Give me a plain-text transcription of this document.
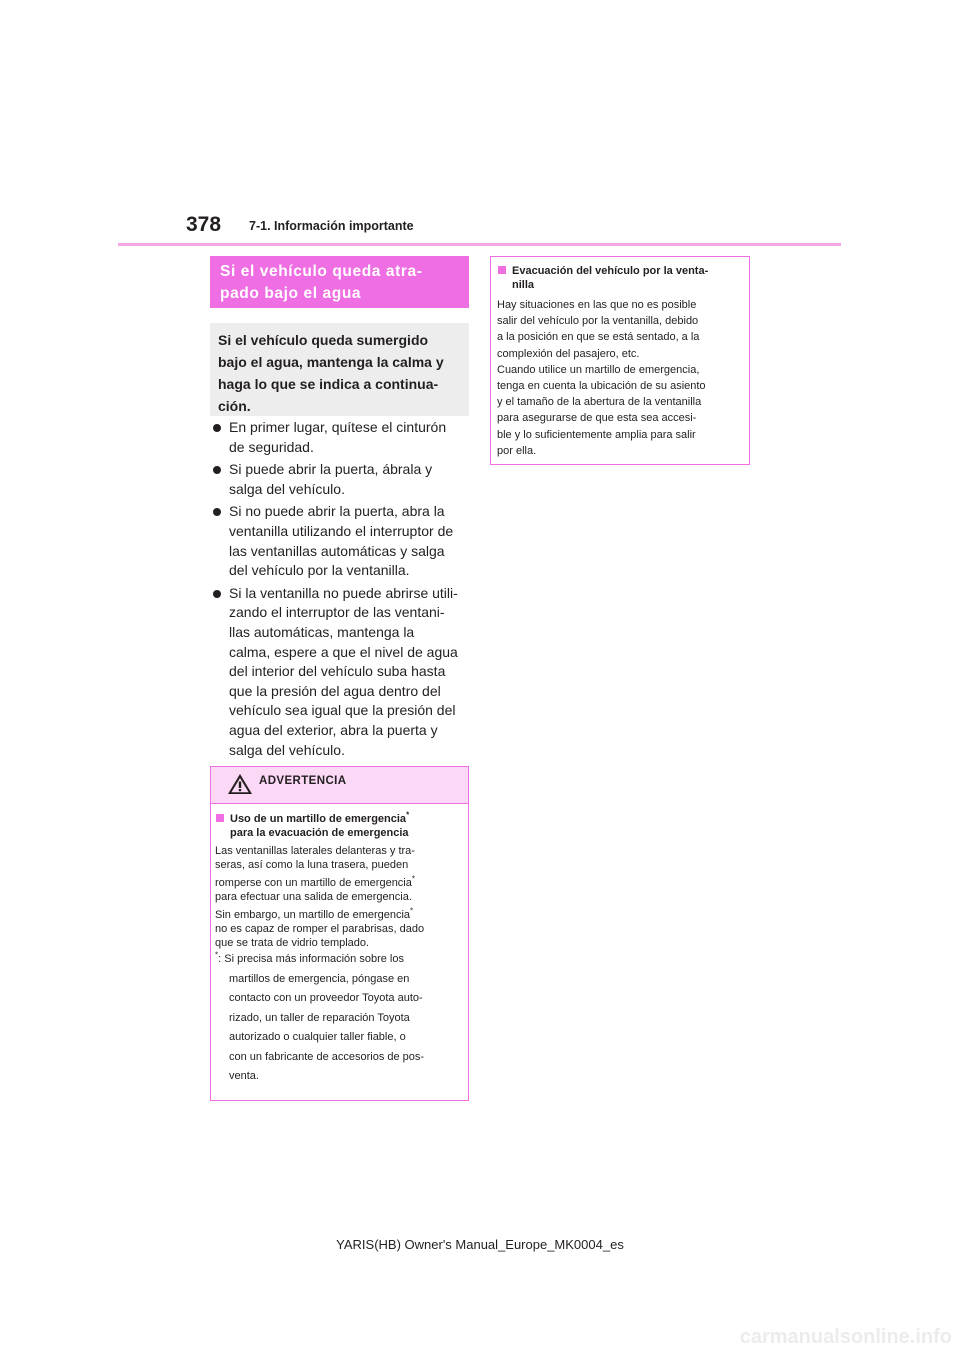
378 7-1. Información importante
Si el vehículo queda atra-
pado bajo el agua
Si el vehículo queda sumergido
bajo el agua, mantenga la calma y
haga lo que se indica a continua-
ción.
En primer lugar, quítese el cinturón
de seguridad.
Si puede abrir la puerta, ábrala y
salga del vehículo.
Si no puede abrir la puerta, abra la
ventanilla utilizando el interruptor de
las ventanillas automáticas y salga
del vehículo por la ventanilla.
Si la ventanilla no puede abrirse utili-
zando el interruptor de las ventani-
llas automáticas, mantenga la
calma, espere a que el nivel de agua
del interior del vehículo suba hasta
que la presión del agua dentro del
vehículo sea igual que la presión del
agua del exterior, abra la puerta y
salga del vehículo.
ADVERTENCIA
Uso de un martillo de emergencia*
para la evacuación de emergencia
Las ventanillas laterales delanteras y tra-
seras, así como la luna trasera, pueden
romperse con un martillo de emergencia*
para efectuar una salida de emergencia.
Sin embargo, un martillo de emergencia*
no es capaz de romper el parabrisas, dado
que se trata de vidrio templado.
*: Si precisa más información sobre los
martillos de emergencia, póngase en
contacto con un proveedor Toyota auto-
rizado, un taller de reparación Toyota
autorizado o cualquier taller fiable, o
con un fabricante de accesorios de pos-
venta.
Evacuación del vehículo por la venta-
nilla
Hay situaciones en las que no es posible
salir del vehículo por la ventanilla, debido
a la posición en que se está sentado, a la
complexión del pasajero, etc.
Cuando utilice un martillo de emergencia,
tenga en cuenta la ubicación de su asiento
y el tamaño de la abertura de la ventanilla
para asegurarse de que esta sea accesi-
ble y lo suficientemente amplia para salir
por ella.
YARIS(HB) Owner's Manual_Europe_MK0004_es
carmanualsonline.info
